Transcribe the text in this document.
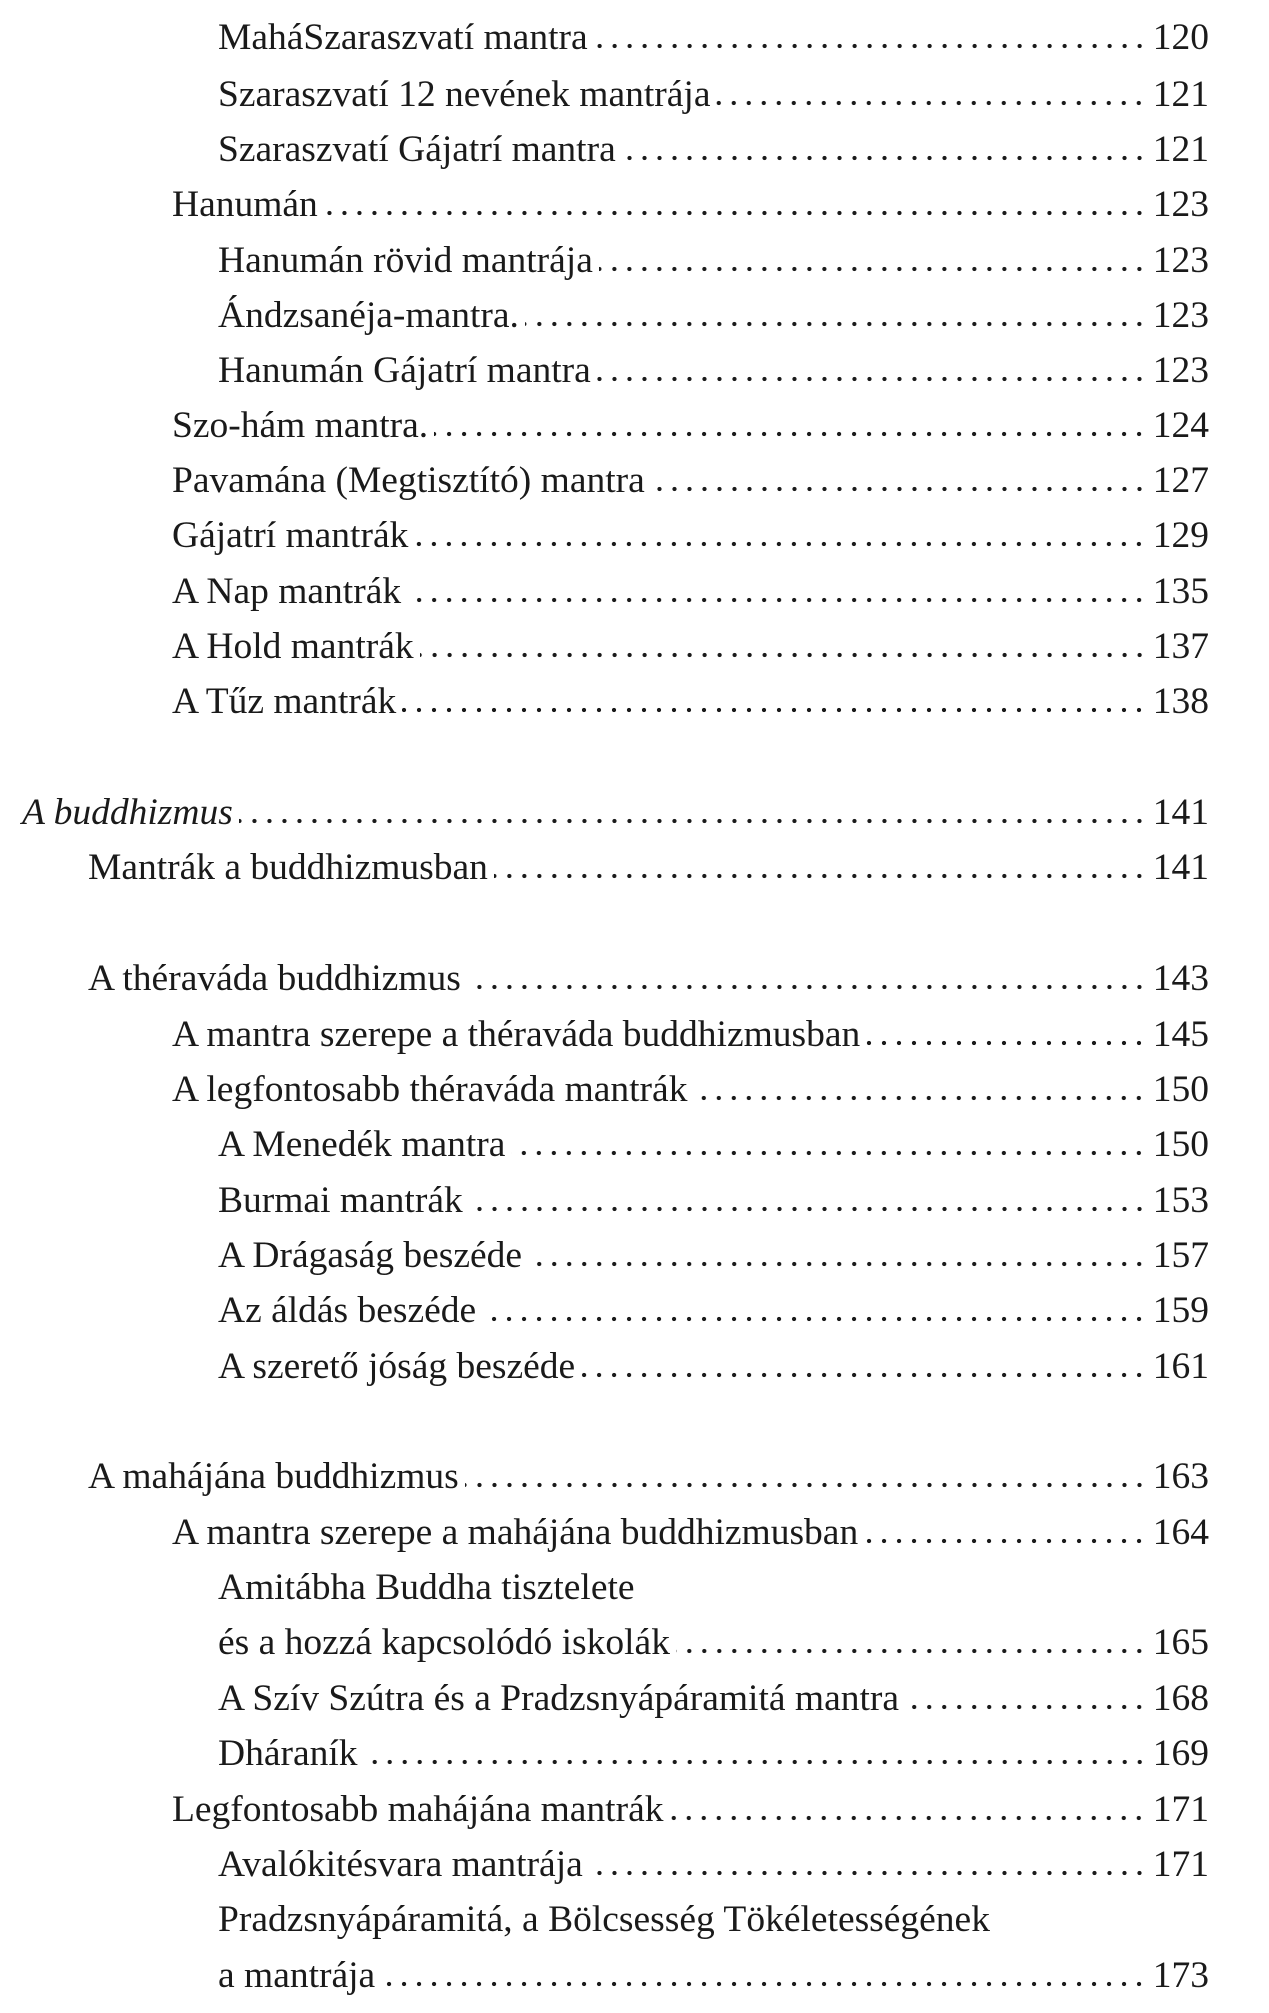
MaháSzaraszvatí mantra	120
Szaraszvatí 12 nevének mantrája	121
Szaraszvatí Gájatrí mantra	121
Hanumán	123
Hanumán rövid mantrája	123
Ándzsanéja-mantra.	123
Hanumán Gájatrí mantra	123
Szo-hám mantra.	124
Pavamána (Megtisztító) mantra	127
Gájatrí mantrák	129
A Nap mantrák	135
A Hold mantrák	137
A Tűz mantrák	138
A buddhizmus	141
Mantrák a buddhizmusban	141
A théraváda buddhizmus	143
A mantra szerepe a théraváda buddhizmusban	145
A legfontosabb théraváda mantrák	150
A Menedék mantra	150
Burmai mantrák	153
A Drágaság beszéde	157
Az áldás beszéde	159
A szerető jóság beszéde	161
A mahájána buddhizmus	163
A mantra szerepe a mahájána buddhizmusban	164
Amitábha Buddha tisztelete
és a hozzá kapcsolódó iskolák	165
A Szív Szútra és a Pradzsnyápáramitá mantra	168
Dháraník	169
Legfontosabb mahájána mantrák	171
Avalókitésvara mantrája	171
Pradzsnyápáramitá, a Bölcsesség Tökéletességének
a mantrája	173
